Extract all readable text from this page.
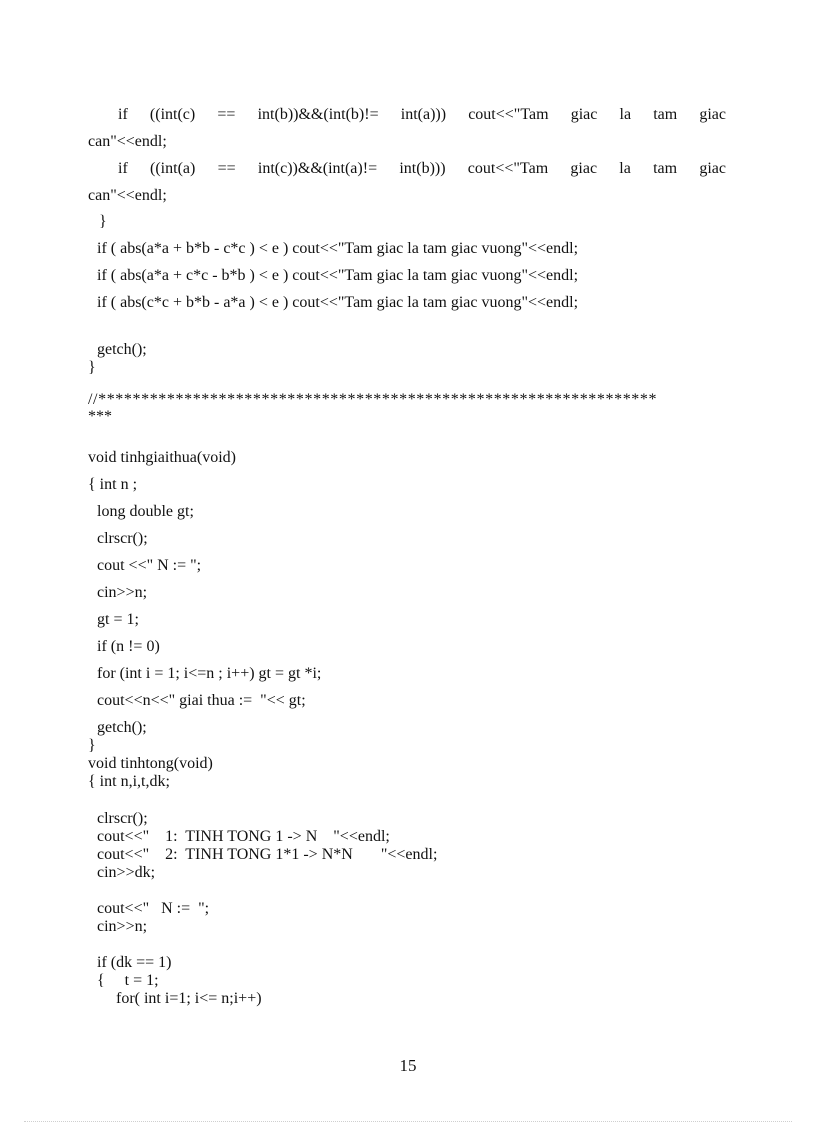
if ((int(c) == int(b))&&(int(b)!= int(a))) cout<<"Tam giac la tam giac
can"<<endl;
if ((int(a) == int(c))&&(int(a)!= int(b))) cout<<"Tam giac la tam giac
can"<<endl;
}
if ( abs(a*a + b*b - c*c ) < e ) cout<<"Tam giac la tam giac vuong"<<endl;
if ( abs(a*a + c*c - b*b ) < e ) cout<<"Tam giac la tam giac vuong"<<endl;
if ( abs(c*c + b*b - a*a ) < e ) cout<<"Tam giac la tam giac vuong"<<endl;
getch();
}
//*****************************************************************
***
void tinhgiaithua(void)
{ int n ;
long double gt;
clrscr();
cout <<" N := ";
cin>>n;
gt = 1;
if (n != 0)
for (int i = 1; i<=n ; i++) gt = gt *i;
cout<<n<<" giai thua :=  "<< gt;
getch();
}
void tinhtong(void)
{ int n,i,t,dk;
clrscr();
cout<<"    1:  TINH TONG 1 -> N    "<<endl;
cout<<"    2:  TINH TONG 1*1 -> N*N       "<<endl;
cin>>dk;
cout<<"   N :=  ";
cin>>n;
if (dk == 1)
{     t = 1;
for( int i=1; i<= n;i++)
15
